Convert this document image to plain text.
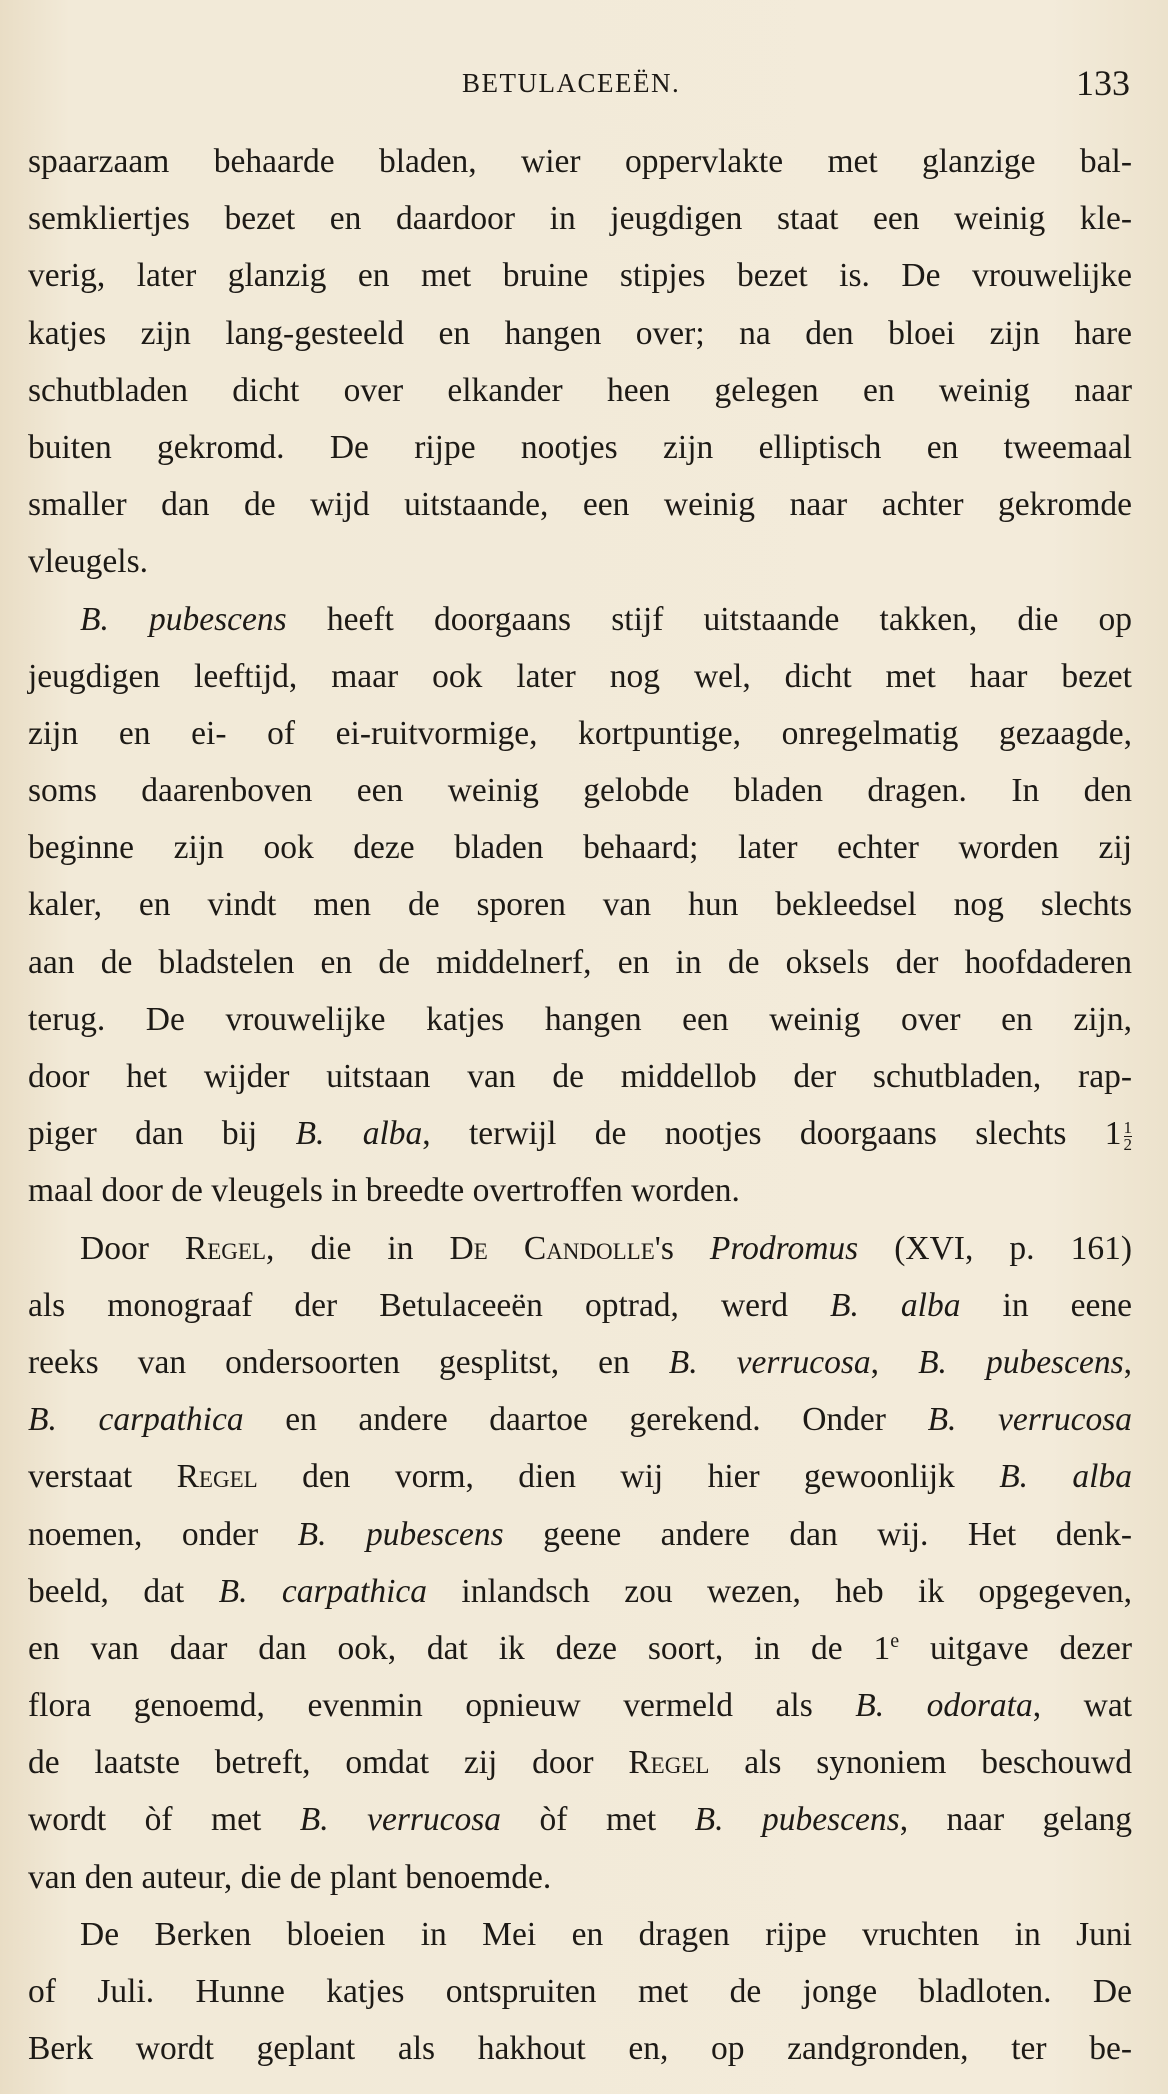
BETULACEEËN.	133
spaarzaam behaarde bladen, wier oppervlakte met glanzige bal-
semkliertjes bezet en daardoor in jeugdigen staat een weinig kle-
verig, later glanzig en met bruine stipjes bezet is. De vrouwelijke
katjes zijn lang-gesteeld en hangen over; na den bloei zijn hare
schutbladen dicht over elkander heen gelegen en weinig naar
buiten gekromd. De rijpe nootjes zijn elliptisch en tweemaal
smaller dan de wijd uitstaande, een weinig naar achter gekromde
vleugels.
B. pubescens heeft doorgaans stijf uitstaande takken, die op
jeugdigen leeftijd, maar ook later nog wel, dicht met haar bezet
zijn en ei- of ei-ruitvormige, kortpuntige, onregelmatig gezaagde,
soms daarenboven een weinig gelobde bladen dragen. In den
beginne zijn ook deze bladen behaard; later echter worden zij
kaler, en vindt men de sporen van hun bekleedsel nog slechts
aan de bladstelen en de middelnerf, en in de oksels der hoofdaderen
terug. De vrouwelijke katjes hangen een weinig over en zijn,
door het wijder uitstaan van de middellob der schutbladen, rap-
piger dan bij B. alba, terwijl de nootjes doorgaans slechts $1 \frac{1}{2}$
maal door de vleugels in breedte overtroffen worden.
Door Regel, die in De Candolle's Prodromus (XVI, p. 161)
als monograaf der Betulaceeën optrad, werd B. alba in eene
reeks van ondersoorten gesplitst, en B. verrucosa, B. pubescens,
B. carpathica en andere daartoe gerekend. Onder B. verrucosa
verstaat Regel den vorm, dien wij hier gewoonlijk B. alba
noemen, onder B. pubescens geene andere dan wij. Het denk-
beeld, dat B. carpathica inlandsch zou wezen, heb ik opgegeven,
en van daar dan ook, dat ik deze soort, in de 1e uitgave dezer
flora genoemd, evenmin opnieuw vermeld als B. odorata, wat
de laatste betreft, omdat zij door Regel als synoniem beschouwd
wordt òf met B. verrucosa òf met B. pubescens, naar gelang
van den auteur, die de plant benoemde.
De Berken bloeien in Mei en dragen rijpe vruchten in Juni
of Juli. Hunne katjes ontspruiten met de jonge bladloten. De
Berk wordt geplant als hakhout en, op zandgronden, ter be-
